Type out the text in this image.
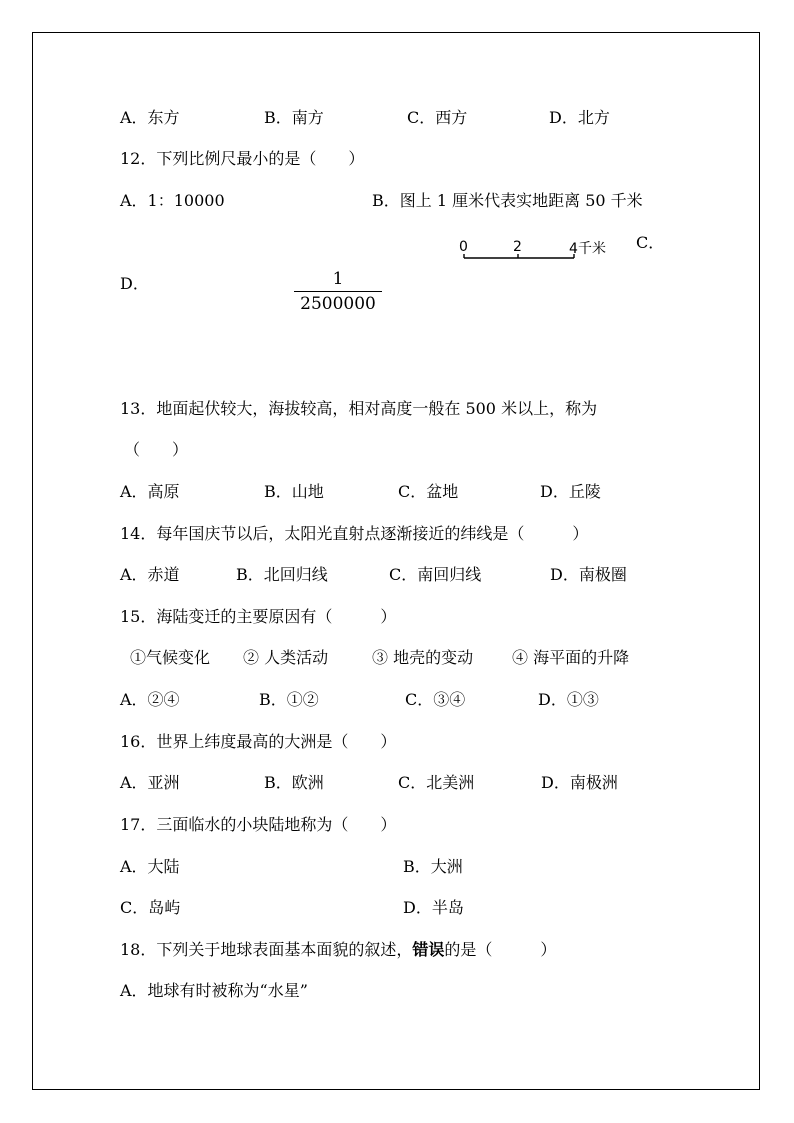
A．东方	B．南方	C．西方	D．北方
12．下列比例尺最小的是（　　）
A．1：10000	B．图上 1 厘米代表实地距离 50 千米
0	2	4 千米 C．
D．	1
2500000
13．地面起伏较大，海拔较高，相对高度一般在 500 米以上，称为
（　　）
A．高原	B．山地	C．盆地	D．丘陵
14．每年国庆节以后，太阳光直射点逐渐接近的纬线是（　　　）
A．赤道	B．北回归线	C．南回归线	D．南极圈
15．海陆变迁的主要原因有（　　　）
①气候变化 ② 人类活动	③ 地壳的变动 ④ 海平面的升降
A．②④	B．①②	C．③④	D．①③
16．世界上纬度最高的大洲是（　　）
A．亚洲	B．欧洲	C．北美洲	D．南极洲
17．三面临水的小块陆地称为（　　）
A．大陆	B．大洲
C．岛屿	D．半岛
18．下列关于地球表面基本面貌的叙述，错误的是（　　　）
A．地球有时被称为“水星”
